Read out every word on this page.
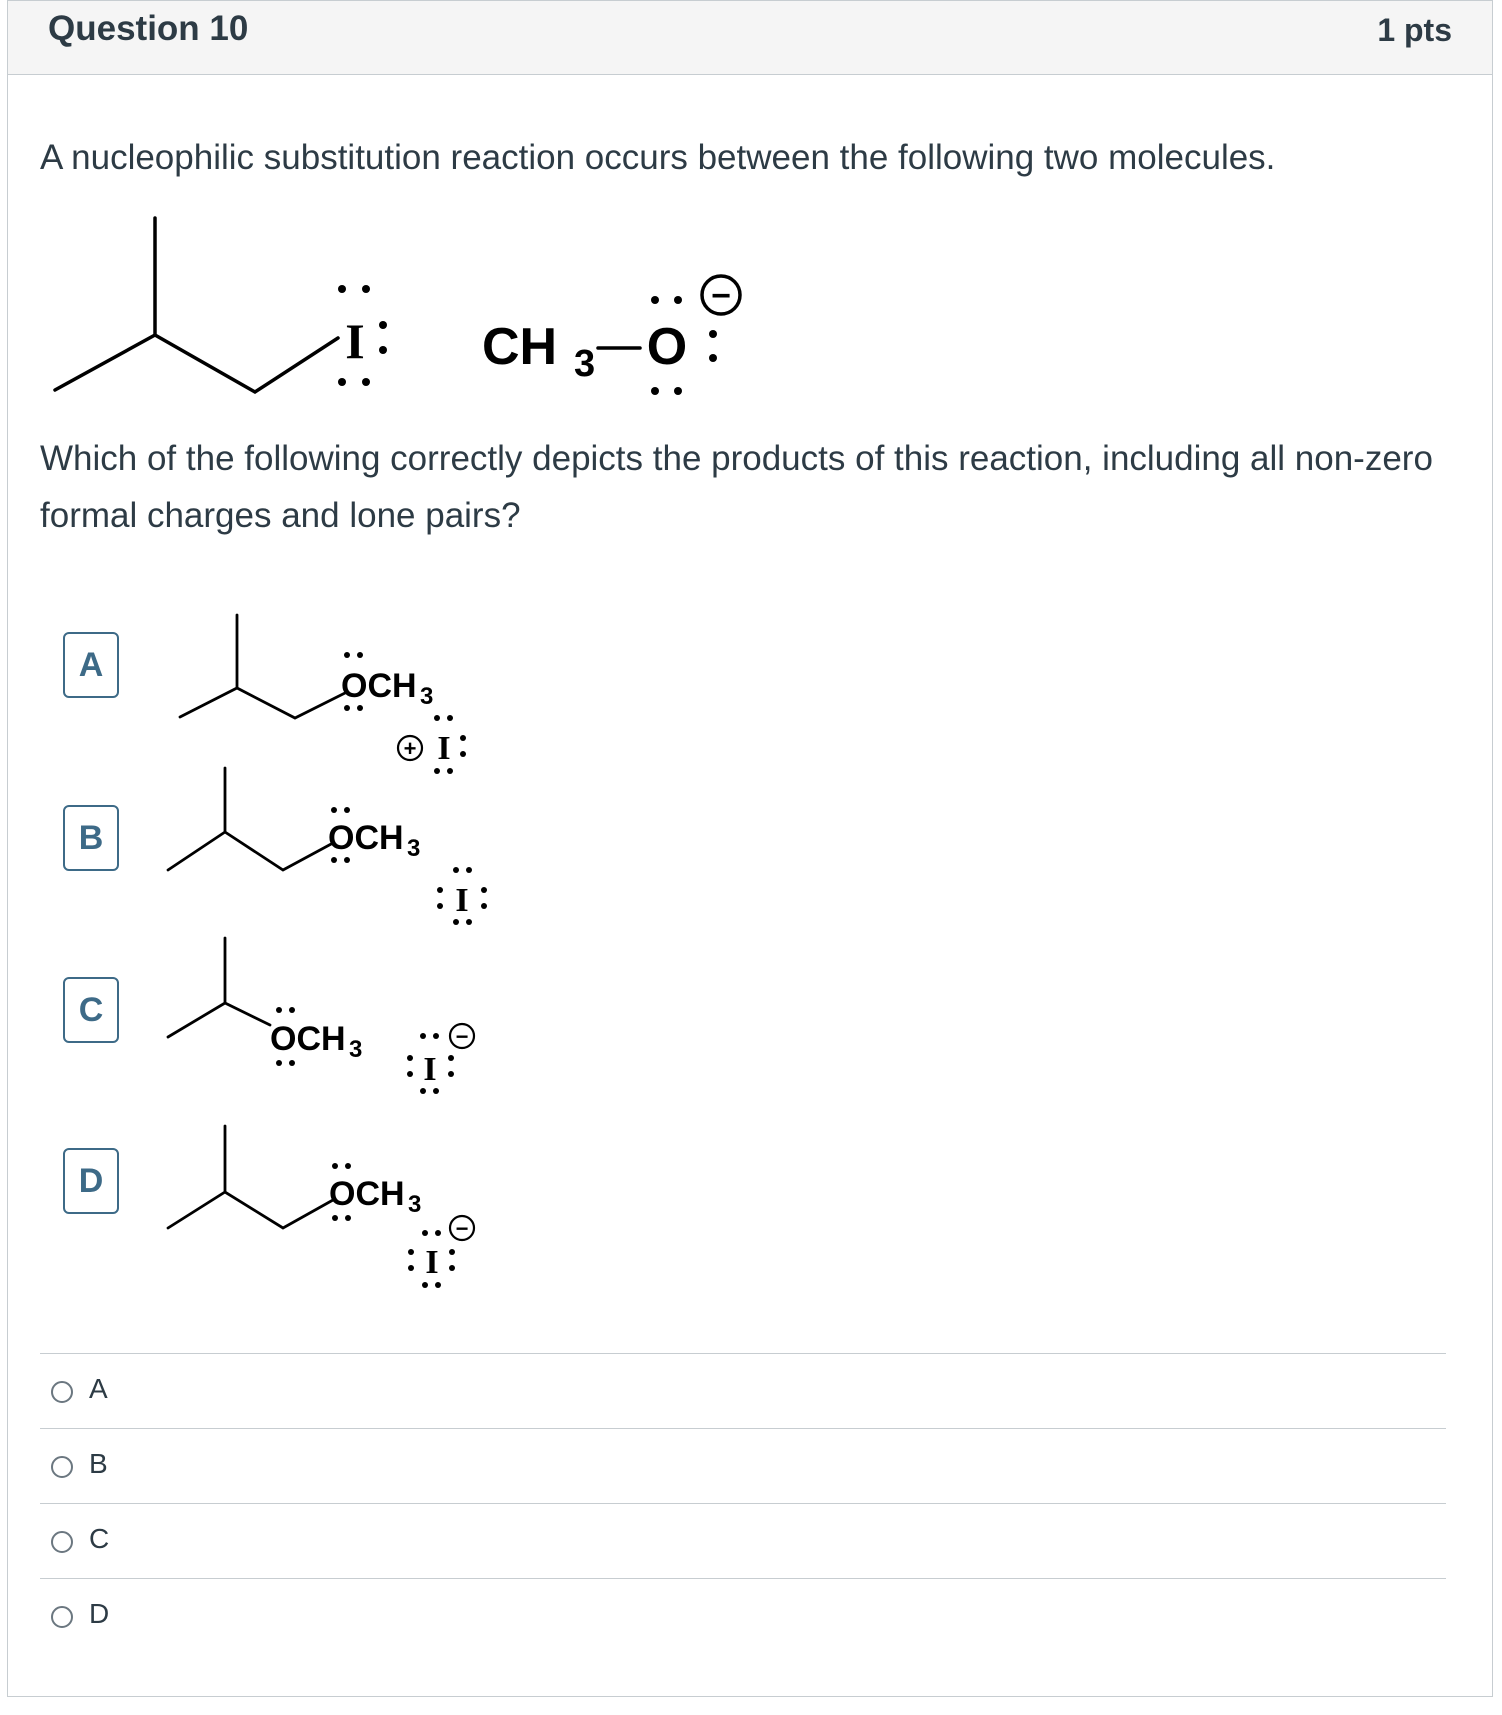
Question 10	1 pts
A nucleophilic substitution reaction occurs between the following two molecules.
I CH 3 O
−
Which of the following correctly depicts the products of this reaction, including all non-zero formal charges and lone pairs?
A
B
C
D
OCH 3
+ I
OCH 3
I
OCH 3	−
I
OCH 3
−
I
A
B
C
D
